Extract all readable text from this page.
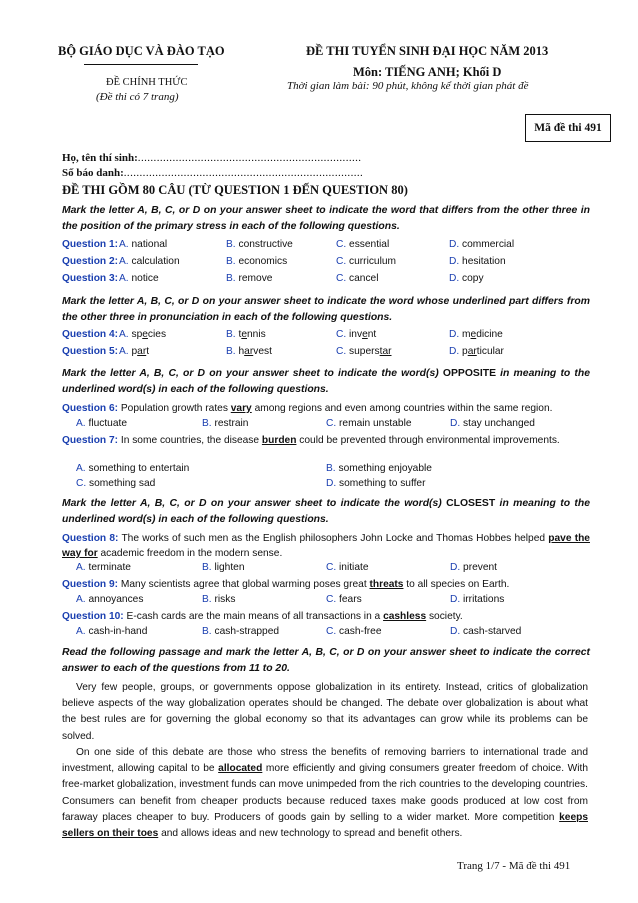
BỘ GIÁO DỤC VÀ ĐÀO TẠO
ĐỀ CHÍNH THỨC
(Đề thi có 7 trang)
ĐỀ THI TUYỂN SINH ĐẠI HỌC NĂM 2013
Môn: TIẾNG ANH; Khối D
Thời gian làm bài: 90 phút, không kể thời gian phát đề
Mã đề thi 491
Họ, tên thí sinh:.......................................................................
Số báo danh:............................................................................
ĐỀ THI GỒM 80 CÂU (TỪ QUESTION 1 ĐẾN QUESTION 80)
Mark the letter A, B, C, or D on your answer sheet to indicate the word that differs from the other three in the position of the primary stress in each of the following questions.
Question 1: A. national	B. constructive	C. essential	D. commercial
Question 2: A. calculation	B. economics	C. curriculum	D. hesitation
Question 3: A. notice	B. remove	C. cancel	D. copy
Mark the letter A, B, C, or D on your answer sheet to indicate the word whose underlined part differs from the other three in pronunciation in each of the following questions.
Question 4: A. species	B. tennis	C. invent	D. medicine
Question 5: A. part	B. harvest	C. superstar	D. particular
Mark the letter A, B, C, or D on your answer sheet to indicate the word(s) OPPOSITE in meaning to the underlined word(s) in each of the following questions.
Question 6: Population growth rates vary among regions and even among countries within the same region.
A. fluctuate	B. restrain	C. remain unstable	D. stay unchanged
Question 7: In some countries, the disease burden could be prevented through environmental improvements.
A. something to entertain	B. something enjoyable
C. something sad	D. something to suffer
Mark the letter A, B, C, or D on your answer sheet to indicate the word(s) CLOSEST in meaning to the underlined word(s) in each of the following questions.
Question 8: The works of such men as the English philosophers John Locke and Thomas Hobbes helped pave the way for academic freedom in the modern sense.
A. terminate	B. lighten	C. initiate	D. prevent
Question 9: Many scientists agree that global warming poses great threats to all species on Earth.
A. annoyances	B. risks	C. fears	D. irritations
Question 10: E-cash cards are the main means of all transactions in a cashless society.
A. cash-in-hand	B. cash-strapped	C. cash-free	D. cash-starved
Read the following passage and mark the letter A, B, C, or D on your answer sheet to indicate the correct answer to each of the questions from 11 to 20.
Very few people, groups, or governments oppose globalization in its entirety. Instead, critics of globalization believe aspects of the way globalization operates should be changed. The debate over globalization is about what the best rules are for governing the global economy so that its advantages can grow while its problems can be solved.
On one side of this debate are those who stress the benefits of removing barriers to international trade and investment, allowing capital to be allocated more efficiently and giving consumers greater freedom of choice. With free-market globalization, investment funds can move unimpeded from the rich countries to the developing countries. Consumers can benefit from cheaper products because reduced taxes make goods produced at low cost from faraway places cheaper to buy. Producers of goods gain by selling to a wider market. More competition keeps sellers on their toes and allows ideas and new technology to spread and benefit others.
Trang 1/7 - Mã đề thi 491
